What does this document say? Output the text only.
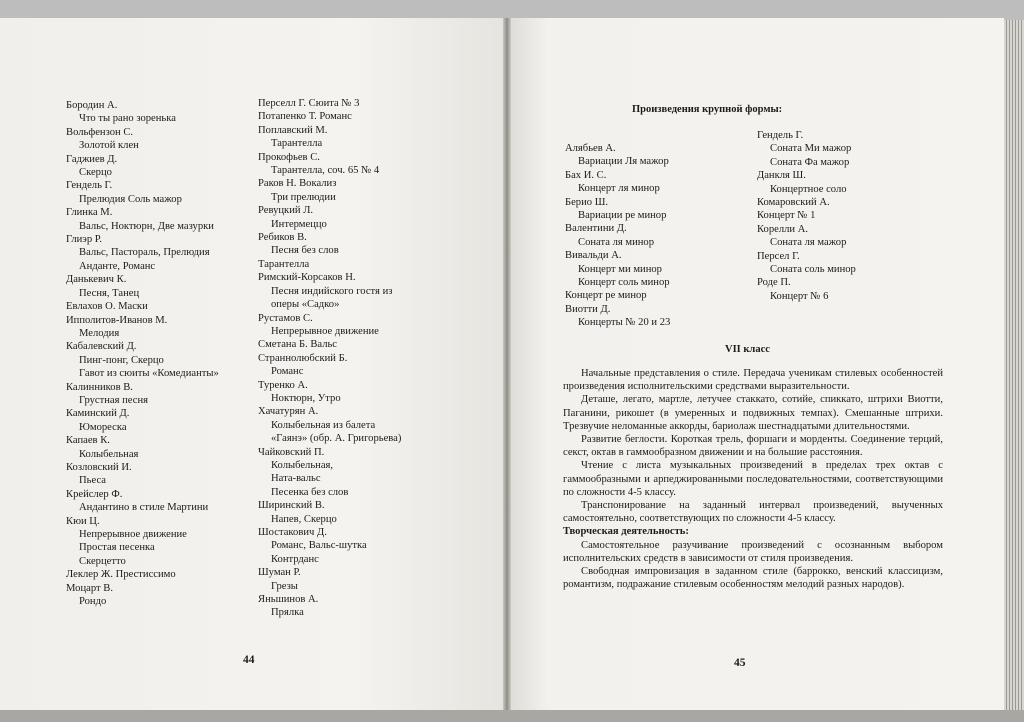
Бородин А.
Что ты рано зоренька
Вольфензон С.
Золотой клен
Гаджиев Д.
Скерцо
Гендель Г.
Прелюдия Соль мажор
Глинка М.
Вальс, Ноктюрн, Две мазурки
Глиэр Р.
Вальс, Пастораль, Прелюдия
Анданте, Романс
Данькевич К.
Песня, Танец
Евлахов О. Маски
Ипполитов-Иванов М.
Мелодия
Кабалевский Д.
Пинг-понг, Скерцо
Гавот из сюиты «Комедианты»
Калинников В.
Грустная песня
Каминский Д.
Юмореска
Капаев К.
Колыбельная
Козловский И.
Пьеса
Крейслер Ф.
Андантино в стиле Мартини
Кюи Ц.
Непрерывное движение
Простая песенка
Скерцетто
Леклер Ж. Престиссимо
Моцарт В.
Рондо
Перселл Г. Сюита № 3
Потапенко Т. Романс
Поплавский М.
Тарантелла
Прокофьев С.
Тарантелла, соч. 65 № 4
Раков Н. Вокализ
Три прелюдии
Ревуцкий Л.
Интермеццо
Ребиков В.
Песня без слов
Тарантелла
Римский-Корсаков Н.
Песня индийского гостя из
оперы «Садко»
Рустамов С.
Непрерывное движение
Сметана Б. Вальс
Страннолюбский Б.
Романс
Туренко А.
Ноктюрн, Утро
Хачатурян А.
Колыбельная из балета
«Гаянэ» (обр. А. Григорьева)
Чайковский П.
Колыбельная,
Ната-вальс
Песенка без слов
Ширинский В.
Напев, Скерцо
Шостакович Д.
Романс, Вальс-шутка
Контрданс
Шуман Р.
Грезы
Яньшинов А.
Прялка
44
Произведения крупной формы:
Алябьев А.
Вариации Ля мажор
Бах И. С.
Концерт ля минор
Берио Ш.
Вариации ре минор
Валентини Д.
Соната ля минор
Вивальди А.
Концерт ми минор
Концерт соль минор
Концерт ре минор
Виотти Д.
Концерты № 20 и 23
Гендель Г.
Соната Ми мажор
Соната Фа мажор
Данкля Ш.
Концертное соло
Комаровский А.
Концерт № 1
Корелли А.
Соната ля мажор
Персел Г.
Соната соль минор
Роде П.
Концерт № 6
VII класс

Начальные представления о стиле. Передача ученикам стилевых особенностей произведения исполнительскими средствами выразительности.

Деташе, легато, мартле, летучее стаккато, сотийе, спиккато, штрихи Виотти, Паганини, рикошет (в умеренных и подвижных темпах). Смешанные штрихи. Трезвучие неломанные аккорды, бариолаж шестнадцатыми длительностями.

Развитие беглости. Короткая трель, форшаги и морденты. Соединение терций, секст, октав в гаммообразном движении и на большие расстояния.

Чтение с листа музыкальных произведений в пределах трех октав с гаммообразными и арпеджированными последовательностями, соответствующими по сложности 4-5 классу.

Транспонирование на заданный интервал произведений, выученных самостоятельно, соответствующих по сложности 4-5 классу.

Творческая деятельность:

Самостоятельное разучивание произведений с осознанным выбором исполнительских средств в зависимости от стиля произведения.

Свободная импровизация в заданном стиле (баррокко, венский классицизм, романтизм, подражание стилевым особенностям мелодий разных народов).

45
